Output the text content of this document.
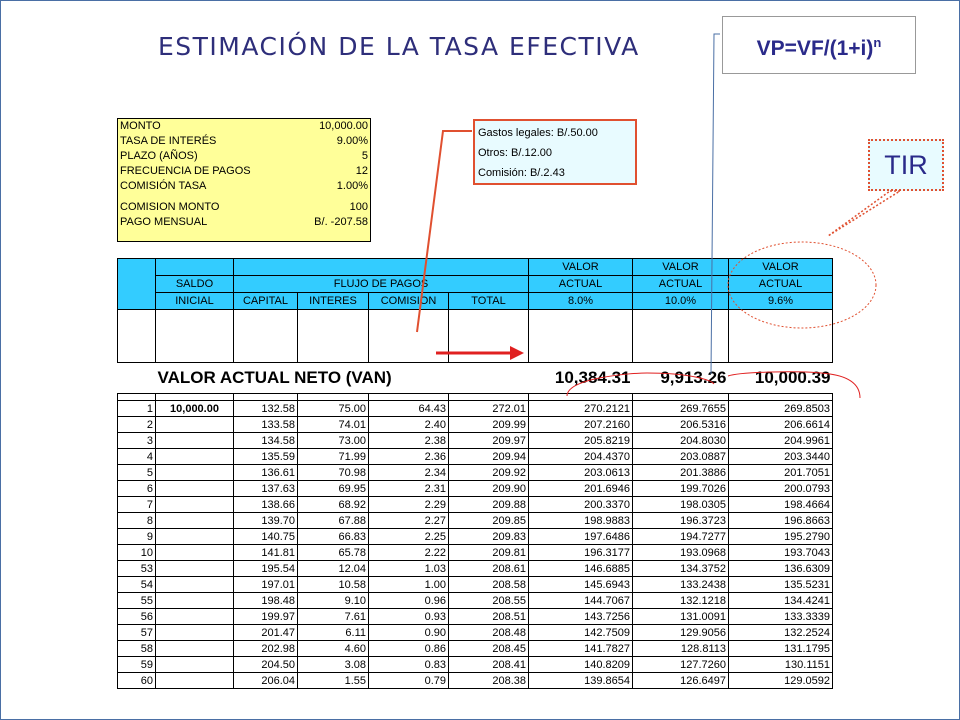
ESTIMACIÓN DE LA TASA EFECTIVA	$VP=VF/(1+i)^n$
TIR
MONTO	10,000.00
TASA DE INTERÉS	9.00%
PLAZO (AÑOS)	5
FRECUENCIA DE PAGOS	12
COMISIÓN TASA	1.00%
COMISION MONTO	100
PAGO MENSUAL	B/. -207.58
Gastos legales: B/.50.00
Otros: B/.12.00
Comisión: B/.2.43
						VALOR	VALOR	VALOR
	SALDO	FLUJO DE PAGOS				ACTUAL	ACTUAL	ACTUAL
	INICIAL	CAPITAL	INTERES	COMISION	TOTAL	8.0%	10.0%	9.6%

VALOR ACTUAL NETO (VAN)						10,384.31	9,913.26	10,000.39

1	10,000.00	132.58	75.00	64.43	272.01	270.2121	269.7655	269.8503
2		133.58	74.01	2.40	209.99	207.2160	206.5316	206.6614
3		134.58	73.00	2.38	209.97	205.8219	204.8030	204.9961
4		135.59	71.99	2.36	209.94	204.4370	203.0887	203.3440
5		136.61	70.98	2.34	209.92	203.0613	201.3886	201.7051
6		137.63	69.95	2.31	209.90	201.6946	199.7026	200.0793
7		138.66	68.92	2.29	209.88	200.3370	198.0305	198.4664
8		139.70	67.88	2.27	209.85	198.9883	196.3723	196.8663
9		140.75	66.83	2.25	209.83	197.6486	194.7277	195.2790
10		141.81	65.78	2.22	209.81	196.3177	193.0968	193.7043
53		195.54	12.04	1.03	208.61	146.6885	134.3752	136.6309
54		197.01	10.58	1.00	208.58	145.6943	133.2438	135.5231
55		198.48	9.10	0.96	208.55	144.7067	132.1218	134.4241
56		199.97	7.61	0.93	208.51	143.7256	131.0091	133.3339
57		201.47	6.11	0.90	208.48	142.7509	129.9056	132.2524
58		202.98	4.60	0.86	208.45	141.7827	128.8113	131.1795
59		204.50	3.08	0.83	208.41	140.8209	127.7260	130.1151
60		206.04	1.55	0.79	208.38	139.8654	126.6497	129.0592
